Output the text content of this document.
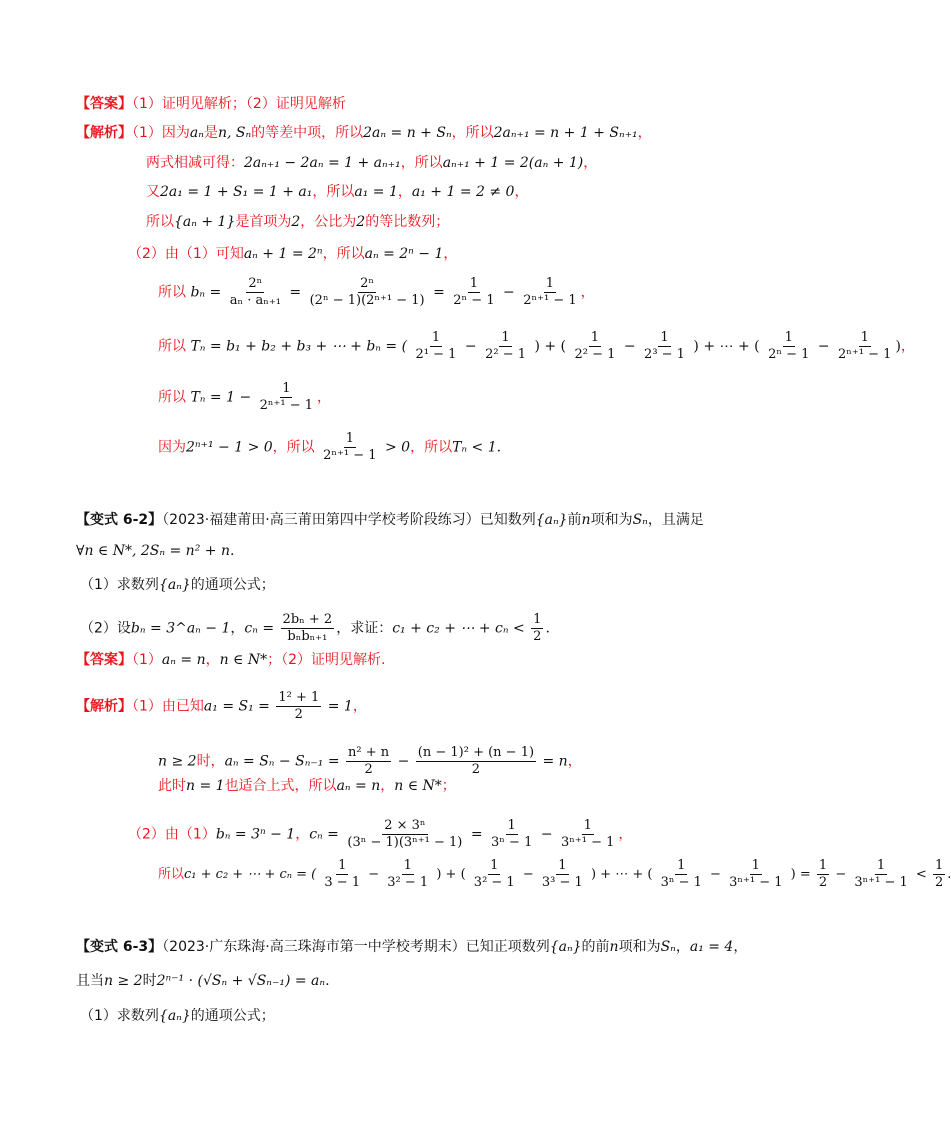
【答案】（1）证明见解析；（2）证明见解析
【解析】（1）因为aₙ是n, Sₙ的等差中项，所以2aₙ = n + Sₙ，所以2aₙ₊₁ = n + 1 + Sₙ₊₁，
两式相减可得：2aₙ₊₁ − 2aₙ = 1 + aₙ₊₁，所以aₙ₊₁ + 1 = 2(aₙ + 1)，
又2a₁ = 1 + S₁ = 1 + a₁，所以a₁ = 1，a₁ + 1 = 2 ≠ 0，
所以{aₙ + 1}是首项为2，公比为2的等比数列；
（2）由（1）可知aₙ + 1 = 2ⁿ，所以aₙ = 2ⁿ − 1，
所以 $b_n = \frac{\text{2ⁿ}}{\text{aₙ · aₙ₊₁}} = \frac{\text{2ⁿ}}{\text{(2ⁿ − 1)(2ⁿ⁺¹ − 1)}} = \frac{1}{\text{2ⁿ − 1}} - \frac{1}{\text{2ⁿ⁺¹ − 1}}$ ，
所以 Tₙ = b₁ + b₂ + b₃ + ⋯ + bₙ = ( $\frac{1}{\text{2¹ − 1}} - \frac{1}{\text{2² − 1}}$ ) + ( $\frac{1}{\text{2² − 1}} - \frac{1}{\text{2³ − 1}}$ ) + ⋯ + ( $\frac{1}{\text{2ⁿ − 1}} - \frac{1}{\text{2ⁿ⁺¹ − 1}}$ )，
所以 $T_n = 1 - \frac{1}{\text{2ⁿ⁺¹ − 1}}$ ，
因为2ⁿ⁺¹ − 1 > 0，所以 $\frac{1}{\text{2ⁿ⁺¹ − 1}} > 0$，所以Tₙ < 1.
【变式 6-2】（2023·福建莆田·高三莆田第四中学校考阶段练习）已知数列{aₙ}前n项和为Sₙ，且满足
∀n ∈ N*, 2Sₙ = n² + n.
（1）求数列{aₙ}的通项公式；
（2）设bₙ = 3^aₙ − 1，$c_n = \frac{\text{2bₙ + 2}}{\text{bₙbₙ₊₁}}$ ，求证：c₁ + c₂ + ⋯ + $c_n < \frac{1}{2}$ .
【答案】（1）aₙ = n，n ∈ N*；（2）证明见解析.
【解析】（1）由已知$a_1 = S_1 = \frac{\text{1² + 1}}{2} = 1$，
n ≥ 2时，$a_n = S_n - S_{n-1} = \frac{\text{n² + n}}{2} - \frac{\text{(n − 1)² + (n − 1)}}{2} = n$，
此时n = 1也适合上式，所以aₙ = n，n ∈ N*；
（2）由（1）bₙ = 3ⁿ − 1，$c_n = \frac{\text{2 × 3ⁿ}}{\text{(3ⁿ − 1)(3ⁿ⁺¹ − 1)}} = \frac{1}{\text{3ⁿ − 1}} - \frac{1}{\text{3ⁿ⁺¹ − 1}}$ ，
所以c₁ + c₂ + ⋯ + cₙ = ( $\frac{1}{3 - 1} - \frac{1}{\text{3² − 1}}$ ) + ( $\frac{1}{\text{3² − 1}} - \frac{1}{\text{3³ − 1}}$ ) + ⋯ + ( $\frac{1}{\text{3ⁿ − 1}} - \frac{1}{\text{3ⁿ⁺¹ − 1}}$ ) = $\frac{1}{2} - \frac{1}{\text{3ⁿ⁺¹ − 1}} < \frac{1}{2}$ .
【变式 6-3】（2023·广东珠海·高三珠海市第一中学校考期末）已知正项数列{aₙ}的前n项和为Sₙ，a₁ = 4，
且当n ≥ 2时2ⁿ⁻¹ · (√Sₙ + √Sₙ₋₁) = aₙ.
（1）求数列{aₙ}的通项公式；
